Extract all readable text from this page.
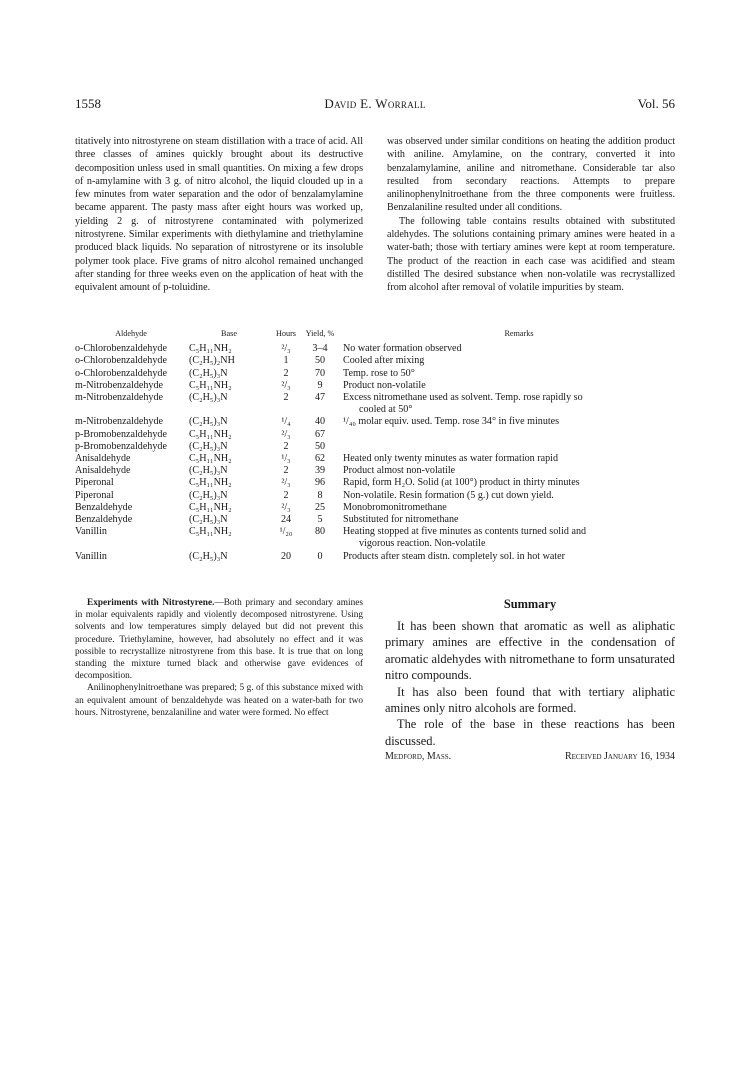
1558	David E. Worrall	Vol. 56

titatively into nitrostyrene on steam distillation with a trace of acid. All three classes of amines quickly brought about its destructive decomposition unless used in small quantities. On mixing a few drops of n-amylamine with 3 g. of nitro alcohol, the liquid clouded up in a few minutes from water separation and the odor of benzalamylamine became apparent. The pasty mass after eight hours was worked up, yielding 2 g. of nitrostyrene contaminated with polymerized nitrostyrene. Similar experiments with diethylamine and triethylamine produced black liquids. No separation of nitrostyrene or its insoluble polymer took place. Five grams of nitro alcohol remained unchanged after standing for three weeks even on the application of heat with the equivalent amount of p-toluidine.

was observed under similar conditions on heating the addition product with aniline. Amylamine, on the contrary, converted it into benzalamylamine, aniline and nitromethane. Considerable tar also resulted from secondary reactions. Attempts to prepare anilinophenylnitroethane from the three components were fruitless. Benzalaniline resulted under all conditions.

The following table contains results obtained with substituted aldehydes. The solutions containing primary amines were heated in a water-bath; those with tertiary amines were kept at room temperature. The product of the reaction in each case was acidified and steam distilled The desired substance when non-volatile was recrystallized from alcohol after removal of volatile impurities by steam.

Aldehyde	Base	Hours	Yield, %	Remarks
o-Chlorobenzaldehyde	C₅H₁₁NH₂	²/₃	3–4	No water formation observed
o-Chlorobenzaldehyde	(C₂H₅)₂NH	1	50	Cooled after mixing
o-Chlorobenzaldehyde	(C₂H₅)₃N	2	70	Temp. rose to 50°
m-Nitrobenzaldehyde	C₅H₁₁NH₂	²/₃	9	Product non-volatile
m-Nitrobenzaldehyde	(C₂H₅)₃N	2	47	Excess nitromethane used as solvent. Temp. rose rapidly so
cooled at 50°

m-Nitrobenzaldehyde	(C₂H₅)₃N	¹/₄	40	¹/₄₀ molar equiv. used. Temp. rose 34° in five minutes
p-Bromobenzaldehyde	C₅H₁₁NH₂	²/₃	67	
p-Bromobenzaldehyde	(C₂H₅)₃N	2	50	
Anisaldehyde	C₅H₁₁NH₂	¹/₃	62	Heated only twenty minutes as water formation rapid
Anisaldehyde	(C₂H₅)₃N	2	39	Product almost non-volatile
Piperonal	C₅H₁₁NH₂	²/₃	96	Rapid, form H₂O. Solid (at 100°) product in thirty minutes
Piperonal	(C₂H₅)₃N	2	8	Non-volatile. Resin formation (5 g.) cut down yield.
Benzaldehyde	C₅H₁₁NH₂	²/₃	25	Monobromonitromethane
Benzaldehyde	(C₂H₅)₃N	24	5	Substituted for nitromethane
Vanillin	C₅H₁₁NH₂	¹/₂₀	80	Heating stopped at five minutes as contents turned solid and
vigorous reaction. Non-volatile

Vanillin	(C₂H₅)₃N	20	0	Products after steam distn. completely sol. in hot water

Experiments with Nitrostyrene.—Both primary and secondary amines in molar equivalents rapidly and violently decomposed nitrostyrene. Using solvents and low temperatures simply delayed but did not prevent this procedure. Triethylamine, however, had absolutely no effect and it was possible to recrystallize nitrostyrene from this base. It is true that on long standing the mixture turned black and otherwise gave evidences of decomposition.

Anilinophenylnitroethane was prepared; 5 g. of this substance mixed with an equivalent amount of benzaldehyde was heated on a water-bath for two hours. Nitrostyrene, benzalaniline and water were formed. No effect

Summary

It has been shown that aromatic as well as aliphatic primary amines are effective in the condensation of aromatic aldehydes with nitromethane to form unsaturated nitro compounds.

It has also been found that with tertiary aliphatic amines only nitro alcohols are formed.

The role of the base in these reactions has been discussed.

Medford, Mass.	Received January 16, 1934
